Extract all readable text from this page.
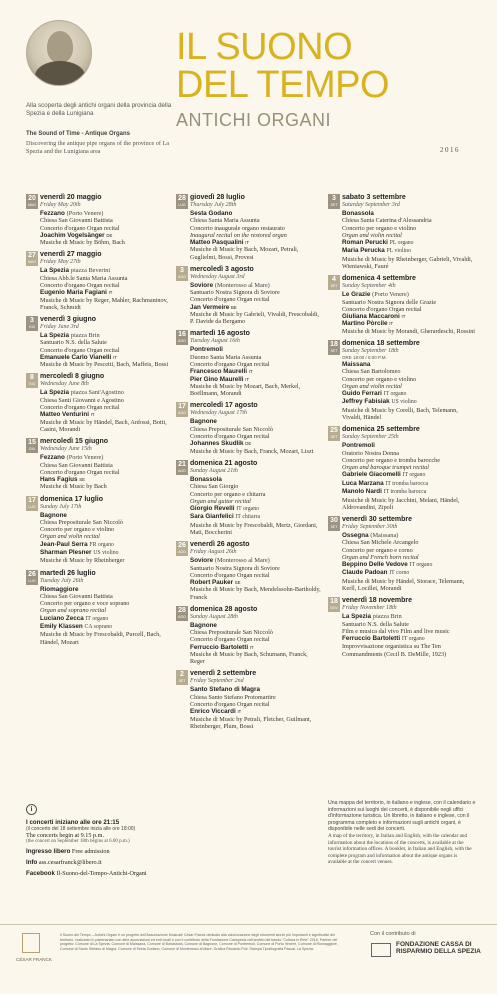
Alla scoperta degli antichi organi della provincia della Spezia e della Lunigiana
The Sound of Time - Antique Organs
Discovering the antique pipe organs of the province of La Spezia and the Lunigiana area
IL SUONO
DEL TEMPO
ANTICHI ORGANI
2016
20
MAG
venerdì 20 maggio
Friday May 20th
Fezzano (Porto Venere)
Chiesa San Giovanni Battista
Concerto d'organo Organ recital
Joachim Vogelsänger DE
Musiche di Music by Böhm, Bach
27
MAG
venerdì 27 maggio
Friday May 27th
La Spezia piazza Beverini
Chiesa Abb.le Santa Maria Assunta
Concerto d'organo Organ recital
Eugenio Maria Fagiani IT
Musiche di Music by Reger, Mahler, Rachmaninov, Franck, Schmidt
3
GIU
venerdì 3 giugno
Friday June 3rd
La Spezia piazza Brin
Santuario N.S. della Salute
Concerto d'organo Organ recital
Emanuele Carlo Vianelli IT
Musiche di Music by Pescetti, Bach, Maffeis, Bossi
8
GIU
mercoledì 8 giugno
Wednesday June 8th
La Spezia piazza Sant'Agostino
Chiesa Santi Giovanni e Agostino
Concerto d'organo Organ recital
Matteo Venturini IT
Musiche di Music by Händel, Bach, Anfossi, Botti, Casini, Morandi
15
GIU
mercoledì 15 giugno
Wednesday June 15th
Fezzano (Porto Venere)
Chiesa San Giovanni Battista
Concerto d'organo Organ recital
Hans Fagius SE
Musiche di Music by Bach
17
LUG
domenica 17 luglio
Sunday July 17th
Bagnone
Chiesa Prepositurale San Niccolò
Concerto per organo e violino
Organ and violin recital
Jean-Paul Serra FR organo
Sharman Plesner US violino
Musiche di Music by Rheinberger
26
LUG
martedì 26 luglio
Tuesday July 26th
Riomaggiore
Chiesa San Giovanni Battista
Concerto per organo e voce soprano
Organ and soprano recital
Luciano Zecca IT organo
Emily Klassen CA soprano
Musiche di Music by Frescobaldi, Purcell, Bach, Händel, Mozart
28
LUG
giovedì 28 luglio
Thursday July 28th
Sesta Godano
Chiesa Santa Maria Assunta
Concerto inaugurale organo restaurato
Inaugural recital on the restored organ
Matteo Pasqualini IT
Musiche di Music by Bach, Mozart, Petrali, Guglielmi, Bossi, Provesi
3
AGO
mercoledì 3 agosto
Wednesday August 3rd
Soviore (Monterosso al Mare)
Santuario Nostra Signora di Soviore
Concerto d'organo Organ recital
Jan Vermeire BE
Musiche di Music by Gabrieli, Vivaldi, Frescobaldi, P. Davide da Bergamo
16
AGO
martedì 16 agosto
Tuesday August 16th
Pontremoli
Duomo Santa Maria Assunta
Concerto d'organo Organ recital
Francesco Maurelli IT
Pier Gino Maurelli IT
Musiche di Music by Mozart, Bach, Merkel, Boëllmann, Morandi
17
AGO
mercoledì 17 agosto
Wednesday August 17th
Bagnone
Chiesa Prepositurale San Niccolò
Concerto d'organo Organ recital
Johannes Skudlik DE
Musiche di Music by Bach, Franck, Mozart, Liszt
21
AGO
domenica 21 agosto
Sunday August 21th
Bonassola
Chiesa San Giorgio
Concerto per organo e chitarra
Organ and guitar recital
Giorgio Revelli IT organo
Sara Gianfelici IT chitarra
Musiche di Music by Frescobaldi, Mertz, Giordani, Mati, Boccherini
26
AGO
venerdì 26 agosto
Friday August 26th
Soviore (Monterosso al Mare)
Santuario Nostra Signora di Soviore
Concerto d'organo Organ recital
Robert Pauker SE
Musiche di Music by Bach, Mendelssohn-Bartholdy, Franck
28
AGO
domenica 28 agosto
Sunday August 28th
Bagnone
Chiesa Prepositurale San Niccolò
Concerto d'organo Organ recital
Ferruccio Bartoletti IT
Musiche di Music by Bach, Schumann, Franck, Reger
2
SET
venerdì 2 settembre
Friday September 2nd
Santo Stefano di Magra
Chiesa Santo Stefano Protomartire
Concerto d'organo Organ recital
Enrico Viccardi IT
Musiche di Music by Petrali, Fletcher, Guilmant, Rheinberger, Plum, Bossi
3
SET
sabato 3 settembre
Saturday September 3rd
Bonassola
Chiesa Santa Caterina d'Alessandria
Concerto per organo e violino
Organ and violin recital
Roman Perucki PL organo
Maria Perucka PL violino
Musiche di Music by Rheinberger, Gabrieli, Vivaldi, Wieniawski, Fauré
4
SET
domenica 4 settembre
Sunday September 4th
Le Grazie (Porto Venere)
Santuario Nostra Signora delle Grazie
Concerto d'organo Organ recital
Giuliana Maccaroni IT
Martino Pòrcile IT
Musiche di Music by Morandi, Gherardeschi, Rossini
18
SET
domenica 18 settembre
Sunday September 18th
ORE 18:00 / 6:00 P.M.
Maissana
Chiesa San Bartolomeo
Concerto per organo e violino
Organ and violin recital
Guido Ferrari IT organo
Jeffrey Fabisiak US violino
Musiche di Music by Corelli, Bach, Telemann, Vivaldi, Händel
25
SET
domenica 25 settembre
Sunday September 25th
Pontremoli
Oratorio Nostra Donna
Concerto per organo e tromba barocche
Organ and baroque trumpet recital
Gabriele Giacomelli IT organo
Luca Marzana IT tromba barocca
Manolo Nardi IT tromba barocca
Musiche di Music by Jacchini, Melani, Händel, Aldrovandini, Zipoli
30
SET
venerdì 30 settembre
Friday September 30th
Ossegna (Maissana)
Chiesa San Michele Arcangelo
Concerto per organo e corno
Organ and French horn recital
Beppino Delle Vedove IT organo
Claude Padoan IT corno
Musiche di Music by Händel, Storace, Telemann, Kerll, Locillet, Morandi
18
NOV
venerdì 18 novembre
Friday November 18th
La Spezia piazza Brin
Santuario N.S. della Salute
Film e musica dal vivo Film and live music
Ferruccio Bartoletti IT organo
Improvvisazione organistica su The Ten Commandments (Cecil B. DeMille, 1923)
i
I concerti iniziano alle ore 21:15
(il concerto del 18 settembre inizia alle ore 18:00)
The concerts begin at 9.15 p.m.
(the concert on September 18th begins at 6.00 p.m.)
Ingresso libero Free admission
Info ass.cesarfranck@libero.it
Facebook Il-Suono-del-Tempo-Antichi-Organi
Una mappa del territorio, in italiano e inglese, con il calendario e informazioni sui luoghi dei concerti, è disponibile negli uffici d'informazione turistica. Un libretto, in italiano e inglese, con il programma completo e informazioni sugli antichi organi, è disponibile nelle sedi dei concerti.
A map of the territory, in Italian and English, with the calendar and information about the locations of the concerts, is available at the tourist information offices. A booklet, in Italian and English, with the complete program and information about the antique organs is available at the concert venues.
CÉSAR FRANCK
Il Suono del Tempo – Antichi Organi è un progetto dell'Associazione Musicale César Franck dedicato alla valorizzazione degli strumenti storici più importanti e significativi del territorio, realizzato in partenariato con altre associazioni ed enti locali e con il contributo della Fondazione Carispezia nell'ambito del bando "Cultura in Rete" 2016. Partner del progetto: Comune di La Spezia, Comune di Maissana, Comune di Bonassola, Comune di Bagnone, Comune di Pontremoli, Comune di Porto Venere, Comune di Riomaggiore, Comune di Santo Stefano di Magra, Comune di Sesta Godano, Comune di Monterosso al Mare. Grafica Riccardo Poli. Stampa Tipolitografia Pascal, La Spezia.
Con il contributo di
FONDAZIONE CASSA DI RISPARMIO DELLA SPEZIA
